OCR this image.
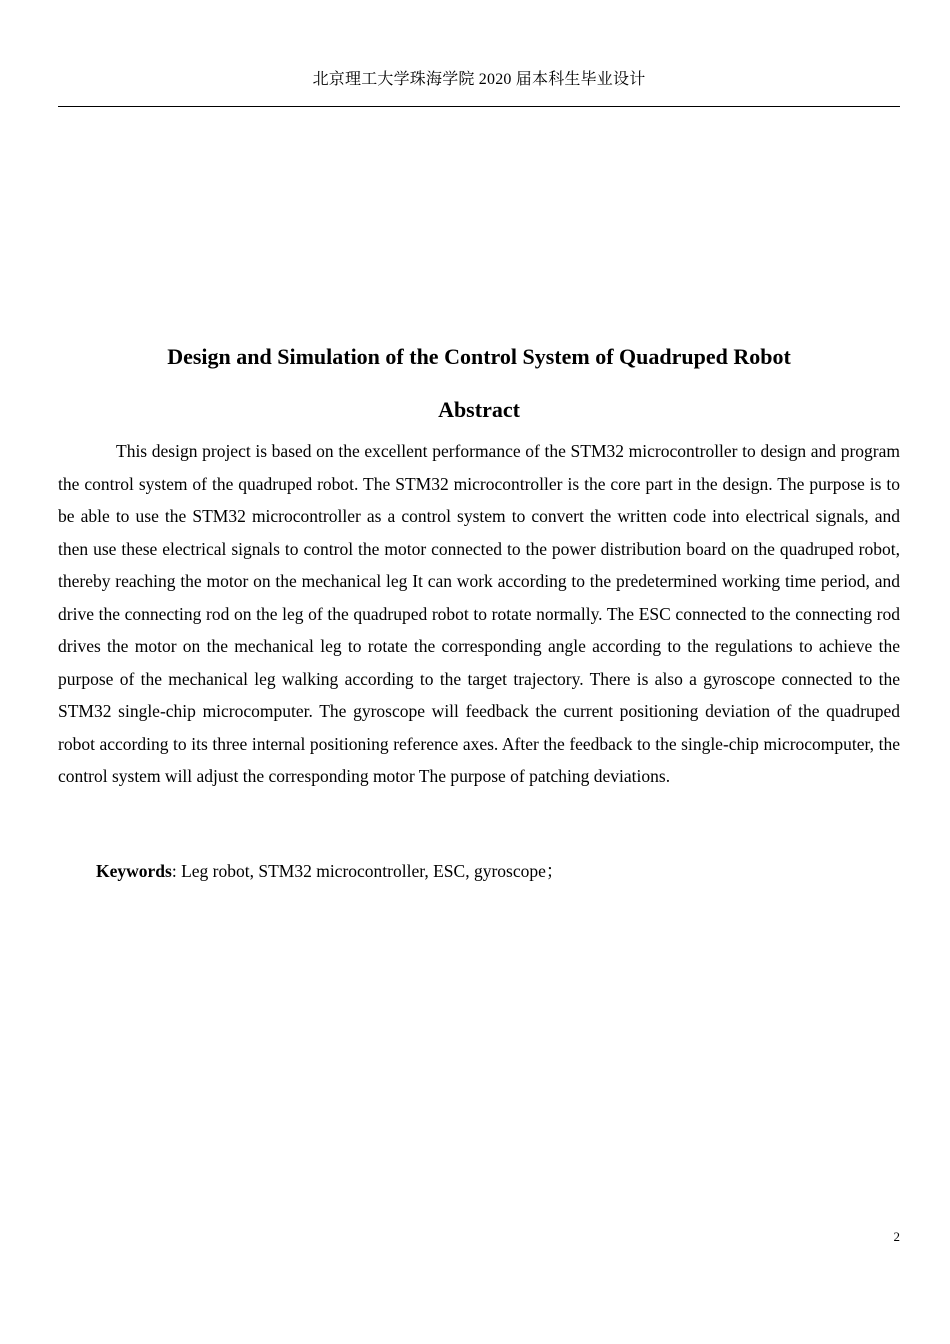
北京理工大学珠海学院 2020 届本科生毕业设计
Design and Simulation of the Control System of Quadruped Robot
Abstract

This design project is based on the excellent performance of the STM32 microcontroller to design and program the control system of the quadruped robot. The STM32 microcontroller is the core part in the design. The purpose is to be able to use the STM32 microcontroller as a control system to convert the written code into electrical signals, and then use these electrical signals to control the motor connected to the power distribution board on the quadruped robot, thereby reaching the motor on the mechanical leg It can work according to the predetermined working time period, and drive the connecting rod on the leg of the quadruped robot to rotate normally. The ESC connected to the connecting rod drives the motor on the mechanical leg to rotate the corresponding angle according to the regulations to achieve the purpose of the mechanical leg walking according to the target trajectory. There is also a gyroscope connected to the STM32 single-chip microcomputer. The gyroscope will feedback the current positioning deviation of the quadruped robot according to its three internal positioning reference axes. After the feedback to the single-chip microcomputer, the control system will adjust the corresponding motor The purpose of patching deviations.

Keywords: Leg robot, STM32 microcontroller, ESC, gyroscope；

2
